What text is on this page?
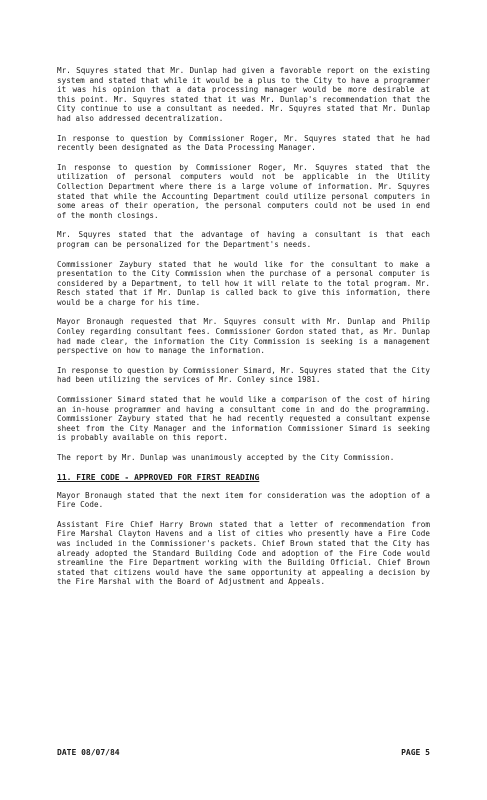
Mr. Squyres stated that Mr. Dunlap had given a favorable report on the existing system and stated that while it would be a plus to the City to have a programmer it was his opinion that a data processing manager would be more desirable at this point. Mr. Squyres stated that it was Mr. Dunlap's recommendation that the City continue to use a consultant as needed. Mr. Squyres stated that Mr. Dunlap had also addressed decentralization.

In response to question by Commissioner Roger, Mr. Squyres stated that he had recently been designated as the Data Processing Manager.

In response to question by Commissioner Roger, Mr. Squyres stated that the utilization of personal computers would not be applicable in the Utility Collection Department where there is a large volume of information. Mr. Squyres stated that while the Accounting Department could utilize personal computers in some areas of their operation, the personal computers could not be used in end of the month closings.

Mr. Squyres stated that the advantage of having a consultant is that each program can be personalized for the Department's needs.

Commissioner Zaybury stated that he would like for the consultant to make a presentation to the City Commission when the purchase of a personal computer is considered by a Department, to tell how it will relate to the total program. Mr. Resch stated that if Mr. Dunlap is called back to give this information, there would be a charge for his time.

Mayor Bronaugh requested that Mr. Squyres consult with Mr. Dunlap and Philip Conley regarding consultant fees. Commissioner Gordon stated that, as Mr. Dunlap had made clear, the information the City Commission is seeking is a management perspective on how to manage the information.

In response to question by Commissioner Simard, Mr. Squyres stated that the City had been utilizing the services of Mr. Conley since 1981.

Commissioner Simard stated that he would like a comparison of the cost of hiring an in-house programmer and having a consultant come in and do the programming. Commissioner Zaybury stated that he had recently requested a consultant expense sheet from the City Manager and the information Commissioner Simard is seeking is probably available on this report.

The report by Mr. Dunlap was unanimously accepted by the City Commission.

11. FIRE CODE - APPROVED FOR FIRST READING

Mayor Bronaugh stated that the next item for consideration was the adoption of a Fire Code.

Assistant Fire Chief Harry Brown stated that a letter of recommendation from Fire Marshal Clayton Havens and a list of cities who presently have a Fire Code was included in the Commissioner's packets. Chief Brown stated that the City has already adopted the Standard Building Code and adoption of the Fire Code would streamline the Fire Department working with the Building Official. Chief Brown stated that citizens would have the same opportunity at appealing a decision by the Fire Marshal with the Board of Adjustment and Appeals.

DATE 08/07/84	PAGE 5
